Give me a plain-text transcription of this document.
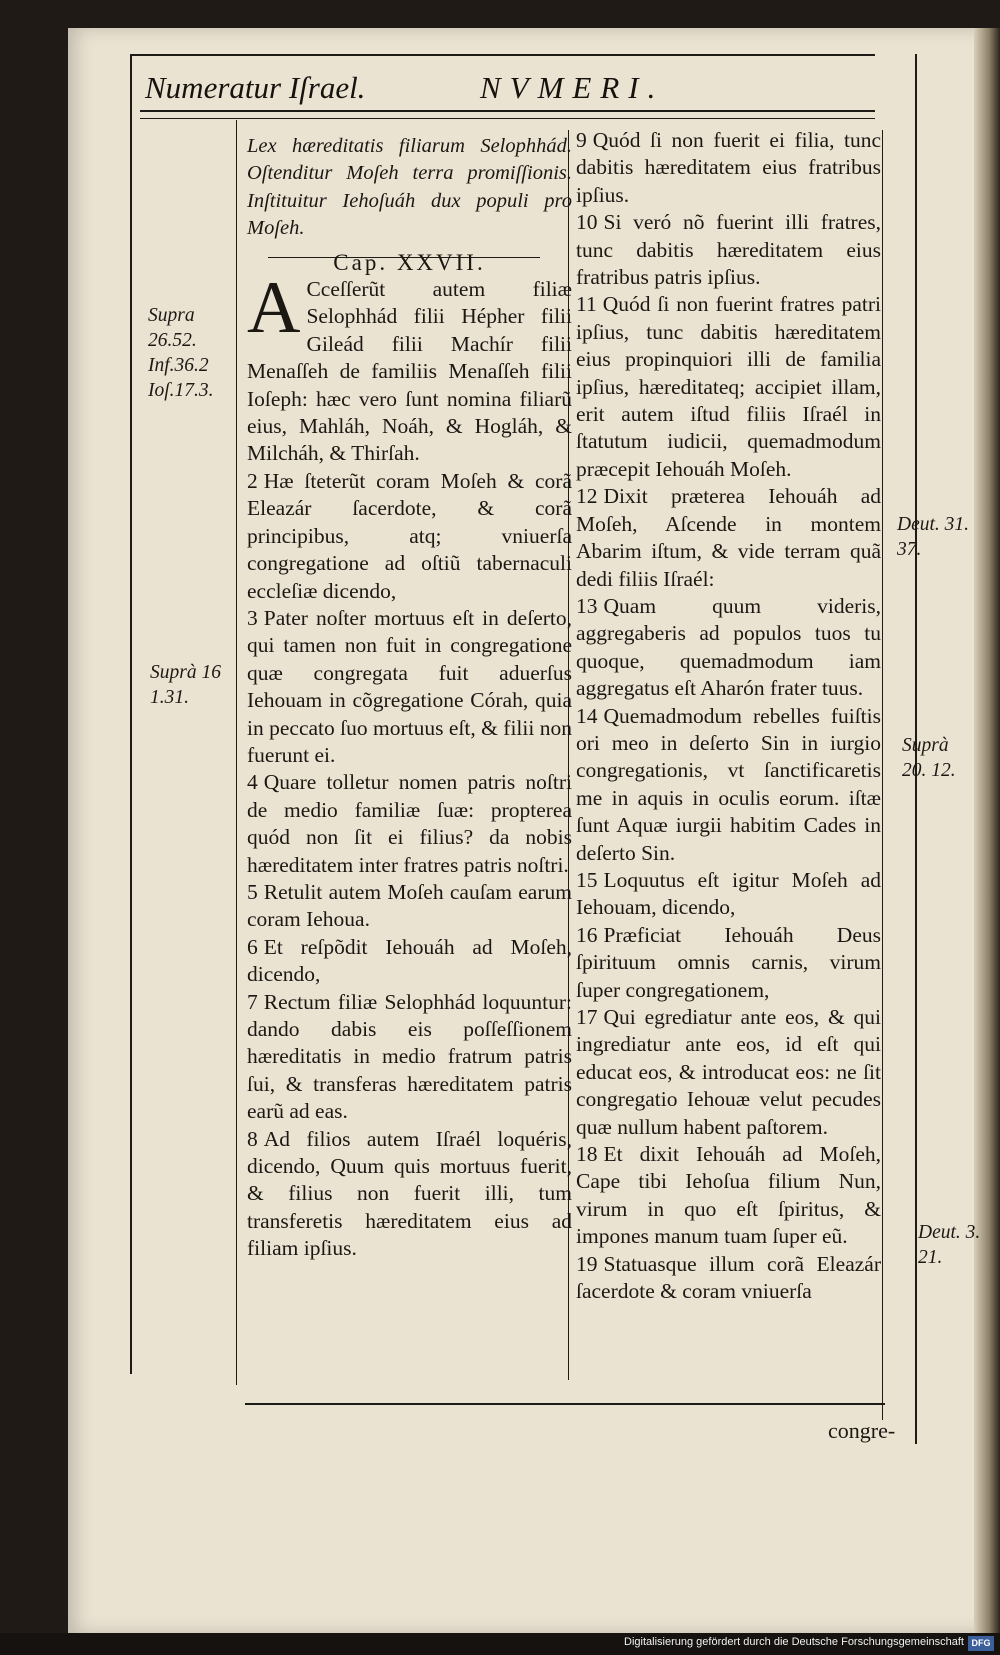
Numeratur Iſrael.	NVMERI.

Lex hæreditatis filiarum Selophhád. Oſtenditur Moſeh terra promiſſionis. Inſtituitur Iehoſuáh dux populi pro Moſeh.

Cap. XXVII.

A Cceſſerũt autem filiæ Selophhád filii Hépher filii Gileád filii Machír filii Menaſſeh de familiis Menaſſeh filii Ioſeph: hæc vero ſunt nomina filiarũ eius, Mahláh, Noáh, & Hogláh, & Milcháh, & Thirſah.

2 Hæ ſteterũt coram Moſeh & corã Eleazár ſacerdote, & corã principibus, atq; vniuerſa congregatione ad oſtiũ tabernaculi eccleſiæ dicendo,

3 Pater noſter mortuus eſt in deſerto, qui tamen non fuit in congregatione quæ congregata fuit aduerſus Iehouam in cõgregatione Córah, quia in peccato ſuo mortuus eſt, & filii non fuerunt ei.

4 Quare tolletur nomen patris noſtri de medio familiæ ſuæ: propterea quód non ſit ei filius? da nobis hæreditatem inter fratres patris noſtri.

5 Retulit autem Moſeh cauſam earum coram Iehoua.

6 Et reſpõdit Iehouáh ad Moſeh, dicendo,

7 Rectum filiæ Selophhád loquuntur: dando dabis eis poſſeſſionem hæreditatis in medio fratrum patris ſui, & transferas hæreditatem patris earũ ad eas.

8 Ad filios autem Iſraél loquéris, dicendo, Quum quis mortuus fuerit, & filius non fuerit illi, tum transferetis hæreditatem eius ad filiam ipſius.

9 Quód ſi non fuerit ei filia, tunc dabitis hæreditatem eius fratribus ipſius.

10 Si veró nõ fuerint illi fratres, tunc dabitis hæreditatem eius fratribus patris ipſius.

11 Quód ſi non fuerint fratres patri ipſius, tunc dabitis hæreditatem eius propinquiori illi de familia ipſius, hæreditateq; accipiet illam, erit autem iſtud filiis Iſraél in ſtatutum iudicii, quemadmodum præcepit Iehouáh Moſeh.

12 Dixit præterea Iehouáh ad Moſeh, Aſcende in montem Abarim iſtum, & vide terram quã dedi filiis Iſraél:

13 Quam quum videris, aggregaberis ad populos tuos tu quoque, quemadmodum iam aggregatus eſt Aharón frater tuus.

14 Quemadmodum rebelles fuiſtis ori meo in deſerto Sin in iurgio congregationis, vt ſanctificaretis me in aquis in oculis eorum. iſtæ ſunt Aquæ iurgii habitim Cades in deſerto Sin.

15 Loquutus eſt igitur Moſeh ad Iehouam, dicendo,

16 Præficiat Iehouáh Deus ſpirituum omnis carnis, virum ſuper congregationem,

17 Qui egrediatur ante eos, & qui ingrediatur ante eos, id eſt qui educat eos, & introducat eos: ne ſit congregatio Iehouæ velut pecudes quæ nullum habent paſtorem.

18 Et dixit Iehouáh ad Moſeh, Cape tibi Iehoſua filium Nun, virum in quo eſt ſpiritus, & impones manum tuam ſuper eũ.

19 Statuasque illum corã Eleazár ſacerdote & coram vniuerſa

Supra
26.52.
Inf.36.2
Ioſ.17.3.
Suprà 16
1.31.
Deut. 31.
37.
Suprà
20. 12.
Deut. 3.
21.
congre-
Digitalisierung gefördert durch die Deutsche Forschungsgemeinschaft DFG
